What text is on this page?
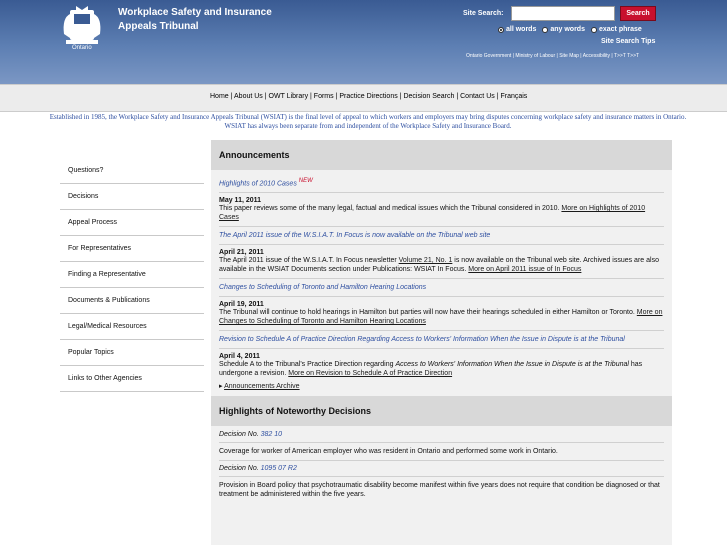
Ontario
Workplace Safety and Insurance
Appeals Tribunal
Site Search:	Search
all words any words exact phrase
Site Search Tips
Ontario Government | Ministry of Labour | Site Map | Accessibility | T>>T T>>T
Home | About Us | OWT Library | Forms | Practice Directions | Decision Search | Contact Us | Français
Established in 1985, the Workplace Safety and Insurance Appeals Tribunal (WSIAT) is the final level of appeal to which workers and employers may bring disputes concerning workplace safety and insurance matters in Ontario. WSIAT has always been separate from and independent of the Workplace Safety and Insurance Board.
Questions?
Decisions
Appeal Process
For Representatives
Finding a Representative
Documents & Publications
Legal/Medical Resources
Popular Topics
Links to Other Agencies
Announcements
Highlights of 2010 Cases NEW
May 11, 2011
This paper reviews some of the many legal, factual and medical issues which the Tribunal considered in 2010. More on Highlights of 2010 Cases
The April 2011 issue of the W.S.I.A.T. In Focus is now available on the Tribunal web site
April 21, 2011
The April 2011 issue of the W.S.I.A.T. In Focus newsletter Volume 21, No. 1 is now available on the Tribunal web site. Archived issues are also available in the WSIAT Documents section under Publications: WSIAT In Focus. More on April 2011 issue of In Focus
Changes to Scheduling of Toronto and Hamilton Hearing Locations
April 19, 2011
The Tribunal will continue to hold hearings in Hamilton but parties will now have their hearings scheduled in either Hamilton or Toronto. More on Changes to Scheduling of Toronto and Hamilton Hearing Locations
Revision to Schedule A of Practice Direction Regarding Access to Workers' Information When the Issue in Dispute is at the Tribunal
April 4, 2011
Schedule A to the Tribunal's Practice Direction regarding Access to Workers' Information When the Issue in Dispute is at the Tribunal has undergone a revision. More on Revision to Schedule A of Practice Direction
▸ Announcements Archive
Highlights of Noteworthy Decisions
Decision No. 382 10
Coverage for worker of American employer who was resident in Ontario and performed some work in Ontario.
Decision No. 1095 07 R2
Provision in Board policy that psychotraumatic disability become manifest within five years does not require that condition be diagnosed or that treatment be administered within the five years.
